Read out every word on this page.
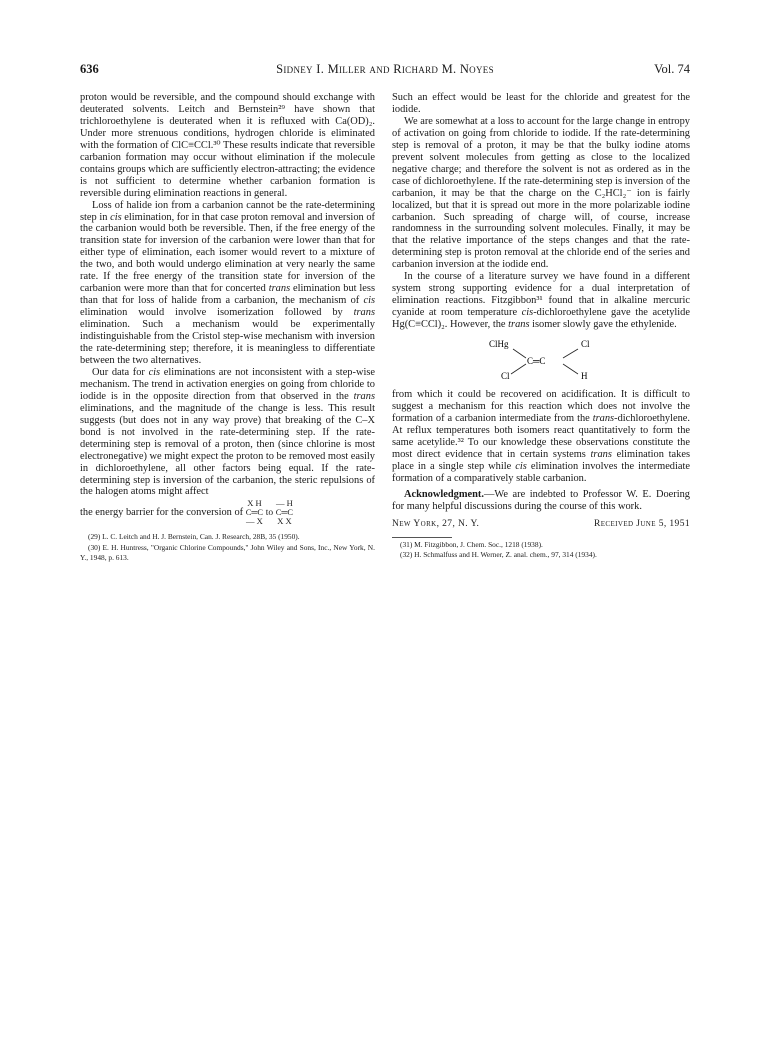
636	Sidney I. Miller and Richard M. Noyes	Vol. 74

proton would be reversible, and the compound should exchange with deuterated solvents. Leitch and Bernstein²⁹ have shown that trichloroethylene is deuterated when it is refluxed with Ca(OD)₂. Under more strenuous conditions, hydrogen chloride is eliminated with the formation of ClC≡CCl.³⁰ These results indicate that reversible carbanion formation may occur without elimination if the molecule contains groups which are sufficiently electron-attracting; the evidence is not sufficient to determine whether carbanion formation is reversible during elimination reactions in general.

Loss of halide ion from a carbanion cannot be the rate-determining step in cis elimination, for in that case proton removal and inversion of the carbanion would both be reversible. Then, if the free energy of the transition state for inversion of the carbanion were lower than that for either type of elimination, each isomer would revert to a mixture of the two, and both would undergo elimination at very nearly the same rate. If the free energy of the transition state for inversion of the carbanion were more than that for concerted trans elimination but less than that for loss of halide from a carbanion, the mechanism of cis elimination would involve isomerization followed by trans elimination. Such a mechanism would be experimentally indistinguishable from the Cristol step-wise mechanism with inversion the rate-determining step; therefore, it is meaningless to differentiate between the two alternatives.

Our data for cis eliminations are not inconsistent with a step-wise mechanism. The trend in activation energies on going from chloride to iodide is in the opposite direction from that observed in the trans eliminations, and the magnitude of the change is less. This result suggests (but does not in any way prove) that breaking of the C–X bond is not involved in the rate-determining step. If the rate-determining step is removal of a proton, then (since chlorine is most electronegative) we might expect the proton to be removed most easily in dichloroethylene, all other factors being equal. If the rate-determining step is inversion of the carbanion, the steric repulsions of the halogen atoms might affect

the energy barrier for the conversion of
X H
C═C
— X
to
— H
C═C
X X

(29) L. C. Leitch and H. J. Bernstein, Can. J. Research, 28B, 35 (1950).

(30) E. H. Huntress, "Organic Chlorine Compounds," John Wiley and Sons, Inc., New York, N. Y., 1948, p. 613.

Such an effect would be least for the chloride and greatest for the iodide.

We are somewhat at a loss to account for the large change in entropy of activation on going from chloride to iodide. If the rate-determining step is removal of a proton, it may be that the bulky iodine atoms prevent solvent molecules from getting as close to the localized negative charge; and therefore the solvent is not as ordered as in the case of dichloroethylene. If the rate-determining step is inversion of the carbanion, it may be that the charge on the C₂HCl₂⁻ ion is fairly localized, but that it is spread out more in the more polarizable iodine carbanion. Such spreading of charge will, of course, increase randomness in the surrounding solvent molecules. Finally, it may be that the relative importance of the steps changes and that the rate-determining step is proton removal at the chloride end of the series and carbanion inversion at the iodide end.

In the course of a literature survey we have found in a different system strong supporting evidence for a dual interpretation of elimination reactions. Fitzgibbon³¹ found that in alkaline mercuric cyanide at room temperature cis-dichloroethylene gave the acetylide Hg(C≡CCl)₂. However, the trans isomer slowly gave the ethylenide.

ClHg	Cl
C═C
Cl	H

from which it could be recovered on acidification. It is difficult to suggest a mechanism for this reaction which does not involve the formation of a carbanion intermediate from the trans-dichloroethylene. At reflux temperatures both isomers react quantitatively to form the same acetylide.³² To our knowledge these observations constitute the most direct evidence that in certain systems trans elimination takes place in a single step while cis elimination involves the intermediate formation of a comparatively stable carbanion.

Acknowledgment.—We are indebted to Professor W. E. Doering for many helpful discussions during the course of this work.

New York, 27, N. Y.	Received June 5, 1951

(31) M. Fitzgibbon, J. Chem. Soc., 1218 (1938).

(32) H. Schmalfuss and H. Werner, Z. anal. chem., 97, 314 (1934).
